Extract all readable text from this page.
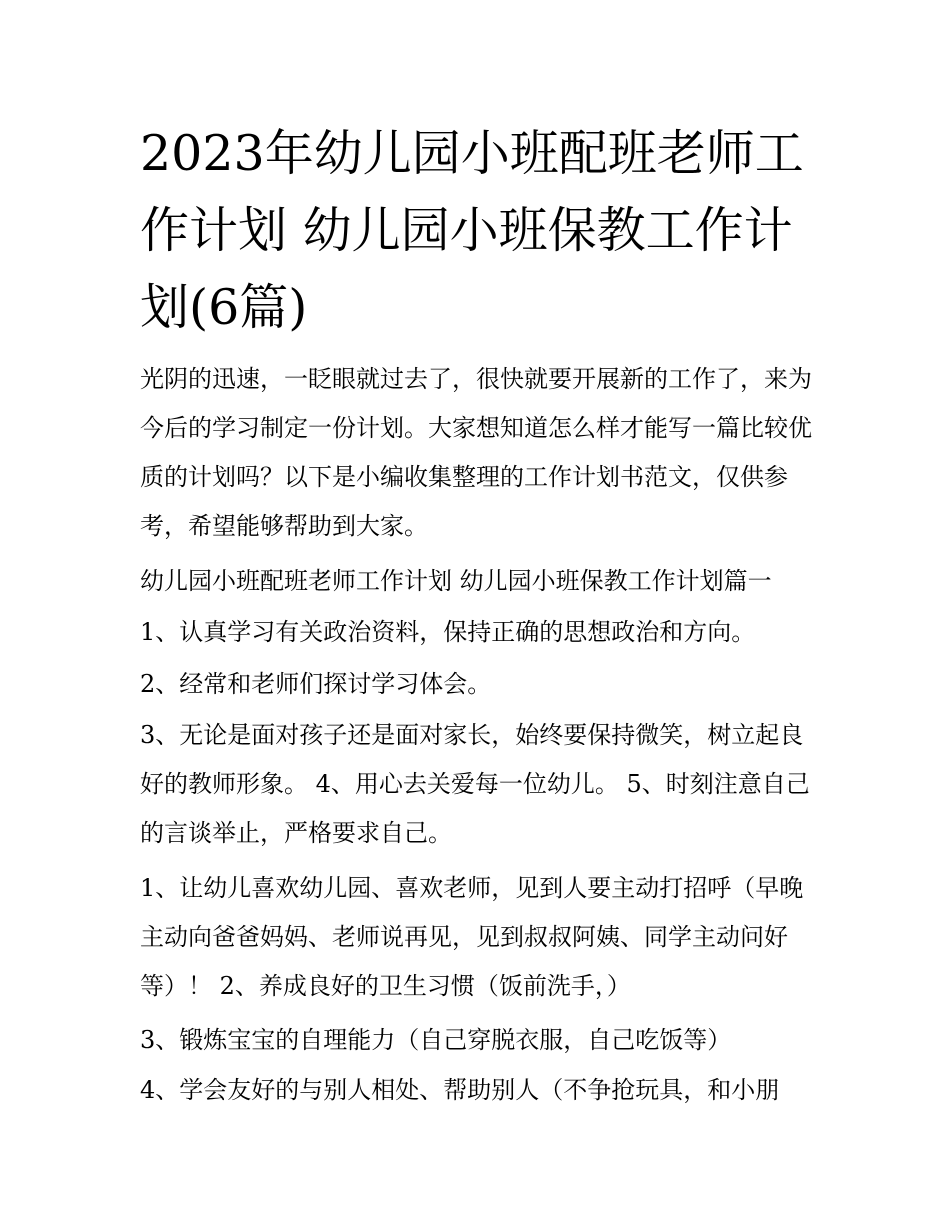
2023年幼儿园小班配班老师工
作计划 幼儿园小班保教工作计
划(6篇)

光阴的迅速，一眨眼就过去了，很快就要开展新的工作了，来为今后的学习制定一份计划。大家想知道怎么样才能写一篇比较优质的计划吗？以下是小编收集整理的工作计划书范文，仅供参考，希望能够帮助到大家。

幼儿园小班配班老师工作计划 幼儿园小班保教工作计划篇一

1、认真学习有关政治资料，保持正确的思想政治和方向。

2、经常和老师们探讨学习体会。

3、无论是面对孩子还是面对家长，始终要保持微笑，树立起良好的教师形象。 4、用心去关爱每一位幼儿。 5、时刻注意自己的言谈举止，严格要求自己。

1、让幼儿喜欢幼儿园、喜欢老师，见到人要主动打招呼（早晚主动向爸爸妈妈、老师说再见，见到叔叔阿姨、同学主动问好等）！ 2、养成良好的卫生习惯（饭前洗手，）

3、锻炼宝宝的自理能力（自己穿脱衣服，自己吃饭等）

4、学会友好的与别人相处、帮助别人（不争抢玩具，和小朋
